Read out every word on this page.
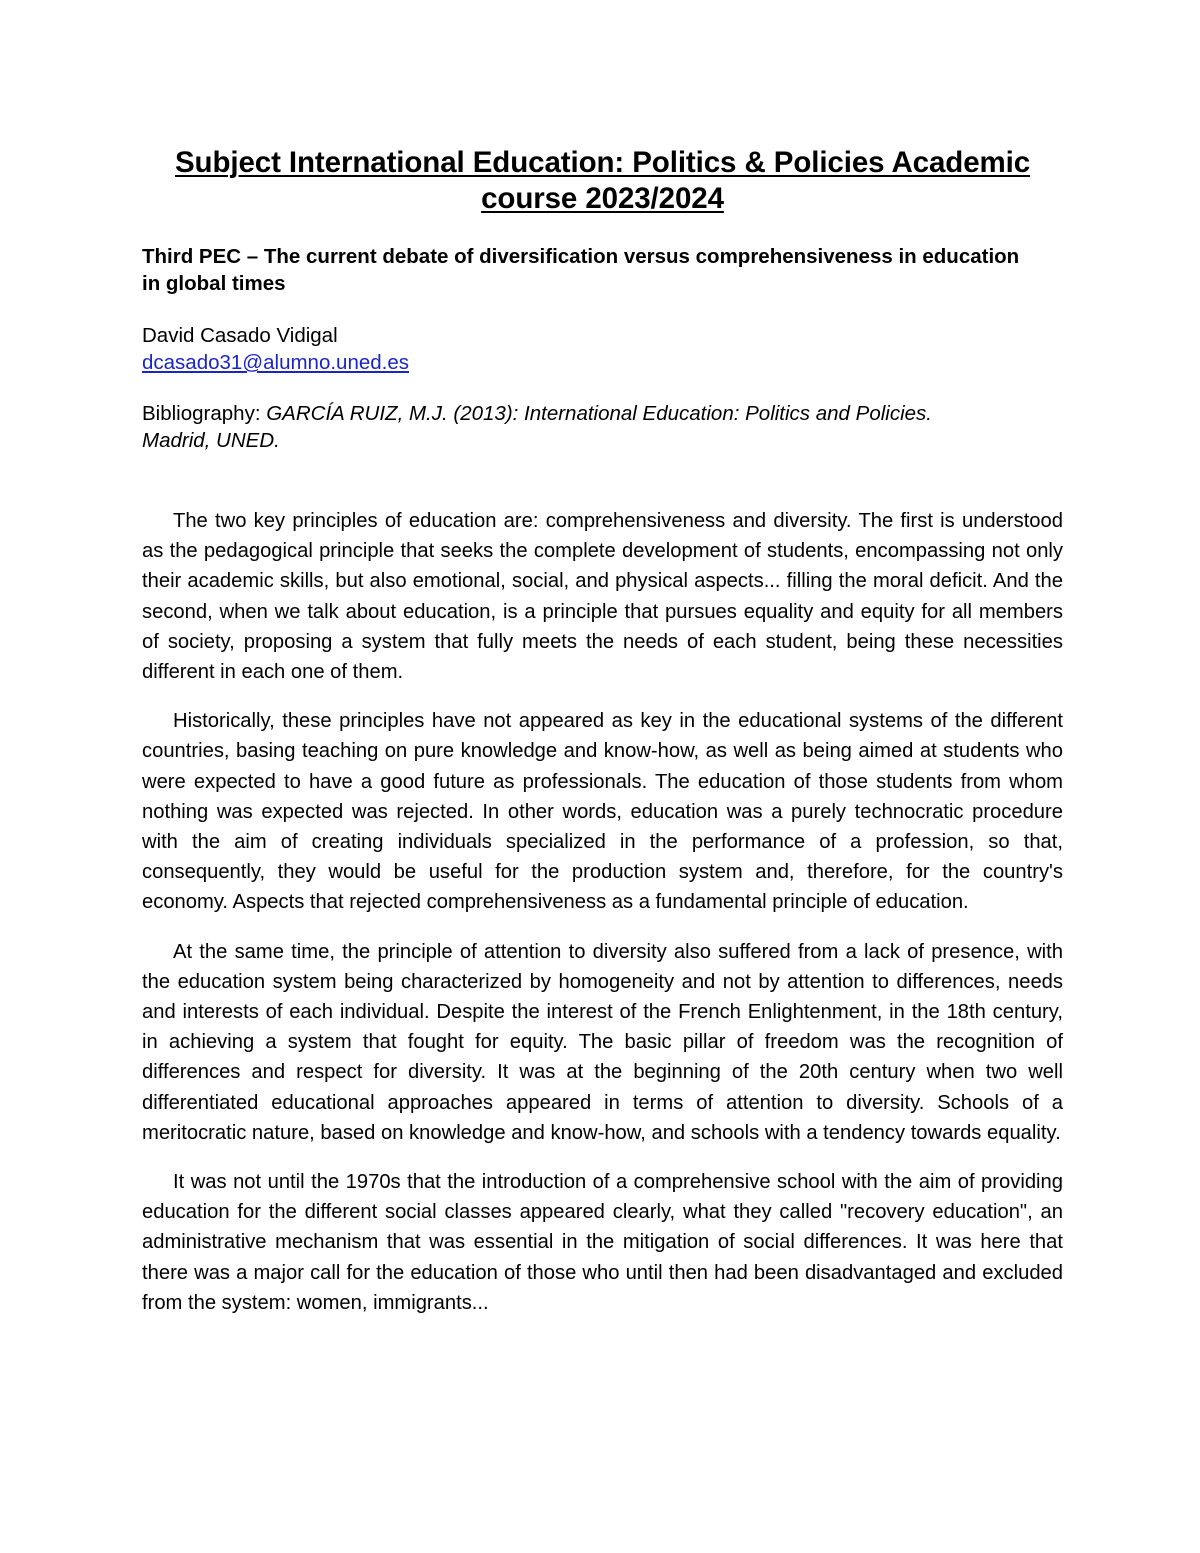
Subject International Education: Politics & Policies Academic
course 2023/2024
Third PEC – The current debate of diversification versus comprehensiveness in education in global times
David Casado Vidigal
dcasado31@alumno.uned.es
Bibliography: GARCÍA RUIZ, M.J. (2013): International Education: Politics and Policies. Madrid, UNED.

The two key principles of education are: comprehensiveness and diversity. The first is understood as the pedagogical principle that seeks the complete development of students, encompassing not only their academic skills, but also emotional, social, and physical aspects... filling the moral deficit. And the second, when we talk about education, is a principle that pursues equality and equity for all members of society, proposing a system that fully meets the needs of each student, being these necessities different in each one of them.

Historically, these principles have not appeared as key in the educational systems of the different countries, basing teaching on pure knowledge and know-how, as well as being aimed at students who were expected to have a good future as professionals. The education of those students from whom nothing was expected was rejected. In other words, education was a purely technocratic procedure with the aim of creating individuals specialized in the performance of a profession, so that, consequently, they would be useful for the production system and, therefore, for the country's economy. Aspects that rejected comprehensiveness as a fundamental principle of education.

At the same time, the principle of attention to diversity also suffered from a lack of presence, with the education system being characterized by homogeneity and not by attention to differences, needs and interests of each individual. Despite the interest of the French Enlightenment, in the 18th century, in achieving a system that fought for equity. The basic pillar of freedom was the recognition of differences and respect for diversity. It was at the beginning of the 20th century when two well differentiated educational approaches appeared in terms of attention to diversity. Schools of a meritocratic nature, based on knowledge and know-how, and schools with a tendency towards equality.

It was not until the 1970s that the introduction of a comprehensive school with the aim of providing education for the different social classes appeared clearly, what they called "recovery education", an administrative mechanism that was essential in the mitigation of social differences. It was here that there was a major call for the education of those who until then had been disadvantaged and excluded from the system: women, immigrants...
